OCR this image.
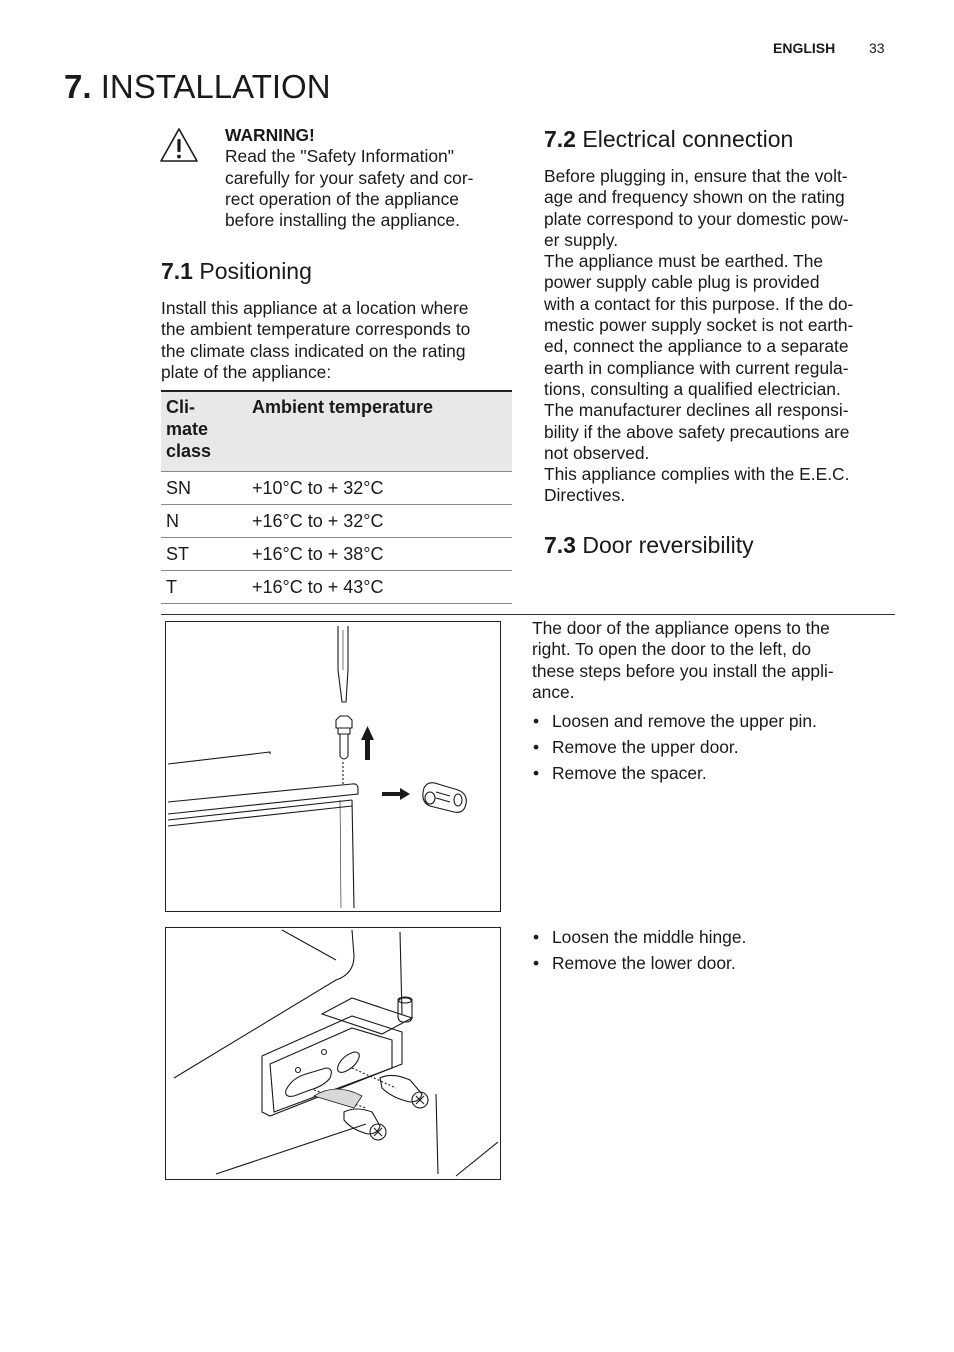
ENGLISH 33
7. INSTALLATION
WARNING!
Read the "Safety Information"
carefully for your safety and cor-
rect operation of the appliance
before installing the appliance.
7.1 Positioning
Install this appliance at a location where
the ambient temperature corresponds to
the climate class indicated on the rating
plate of the appliance:
Cli-
mate
class	Ambient temperature
SN	+10°C to + 32°C
N	+16°C to + 32°C
ST	+16°C to + 38°C
T	+16°C to + 43°C
7.2 Electrical connection
Before plugging in, ensure that the volt-
age and frequency shown on the rating
plate correspond to your domestic pow-
er supply.
The appliance must be earthed. The
power supply cable plug is provided
with a contact for this purpose. If the do-
mestic power supply socket is not earth-
ed, connect the appliance to a separate
earth in compliance with current regula-
tions, consulting a qualified electrician.
The manufacturer declines all responsi-
bility if the above safety precautions are
not observed.
This appliance complies with the E.E.C.
Directives.
7.3 Door reversibility
The door of the appliance opens to the
right. To open the door to the left, do
these steps before you install the appli-
ance.
• Loosen and remove the upper pin.
• Remove the upper door.
• Remove the spacer.
• Loosen the middle hinge.
• Remove the lower door.
